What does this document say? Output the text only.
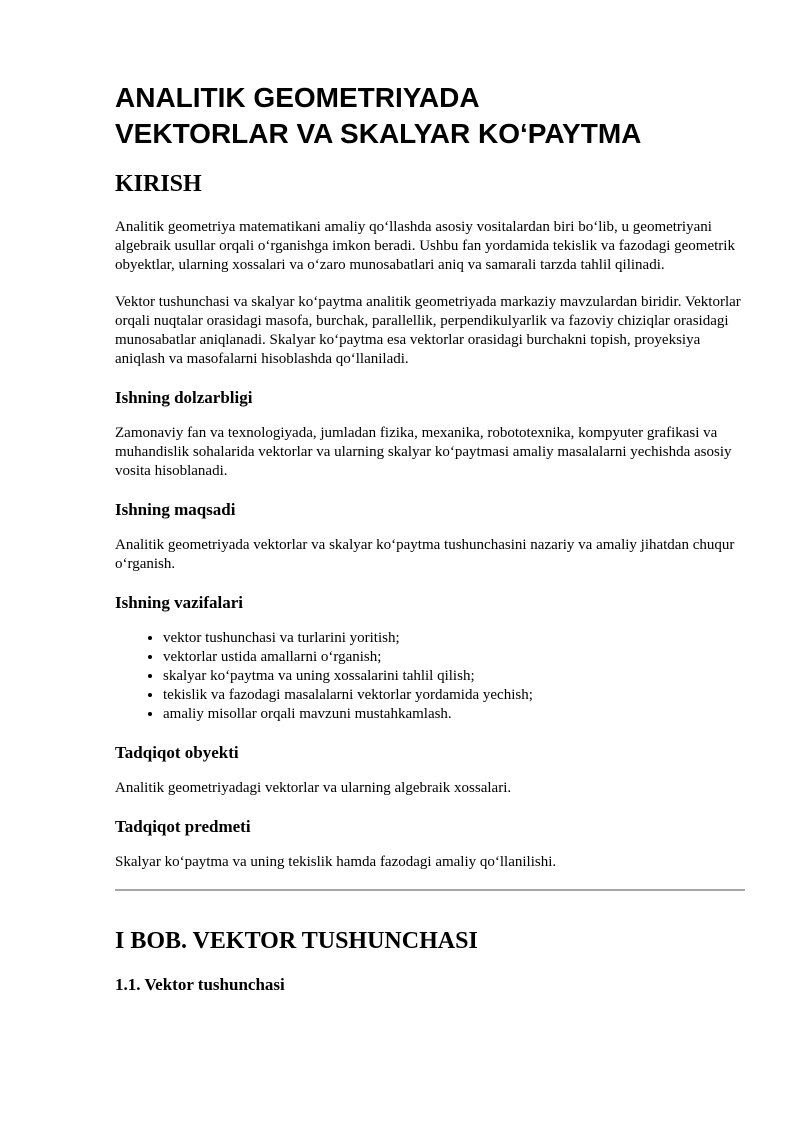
ANALITIK GEOMETRIYADA
VEKTORLAR VA SKALYAR KO‘PAYTMA
KIRISH

Analitik geometriya matematikani amaliy qo‘llashda asosiy vositalardan biri bo‘lib, u geometriyani algebraik usullar orqali o‘rganishga imkon beradi. Ushbu fan yordamida tekislik va fazodagi geometrik obyektlar, ularning xossalari va o‘zaro munosabatlari aniq va samarali tarzda tahlil qilinadi.

Vektor tushunchasi va skalyar ko‘paytma analitik geometriyada markaziy mavzulardan biridir. Vektorlar orqali nuqtalar orasidagi masofa, burchak, parallellik, perpendikulyarlik va fazoviy chiziqlar orasidagi munosabatlar aniqlanadi. Skalyar ko‘paytma esa vektorlar orasidagi burchakni topish, proyeksiya aniqlash va masofalarni hisoblashda qo‘llaniladi.

Ishning dolzarbligi

Zamonaviy fan va texnologiyada, jumladan fizika, mexanika, robototexnika, kompyuter grafikasi va muhandislik sohalarida vektorlar va ularning skalyar ko‘paytmasi amaliy masalalarni yechishda asosiy vosita hisoblanadi.

Ishning maqsadi

Analitik geometriyada vektorlar va skalyar ko‘paytma tushunchasini nazariy va amaliy jihatdan chuqur o‘rganish.

Ishning vazifalari
• vektor tushunchasi va turlarini yoritish;
• vektorlar ustida amallarni o‘rganish;
• skalyar ko‘paytma va uning xossalarini tahlil qilish;
• tekislik va fazodagi masalalarni vektorlar yordamida yechish;
• amaliy misollar orqali mavzuni mustahkamlash.
Tadqiqot obyekti

Analitik geometriyadagi vektorlar va ularning algebraik xossalari.

Tadqiqot predmeti

Skalyar ko‘paytma va uning tekislik hamda fazodagi amaliy qo‘llanilishi.

I BOB. VEKTOR TUSHUNCHASI
1.1. Vektor tushunchasi
